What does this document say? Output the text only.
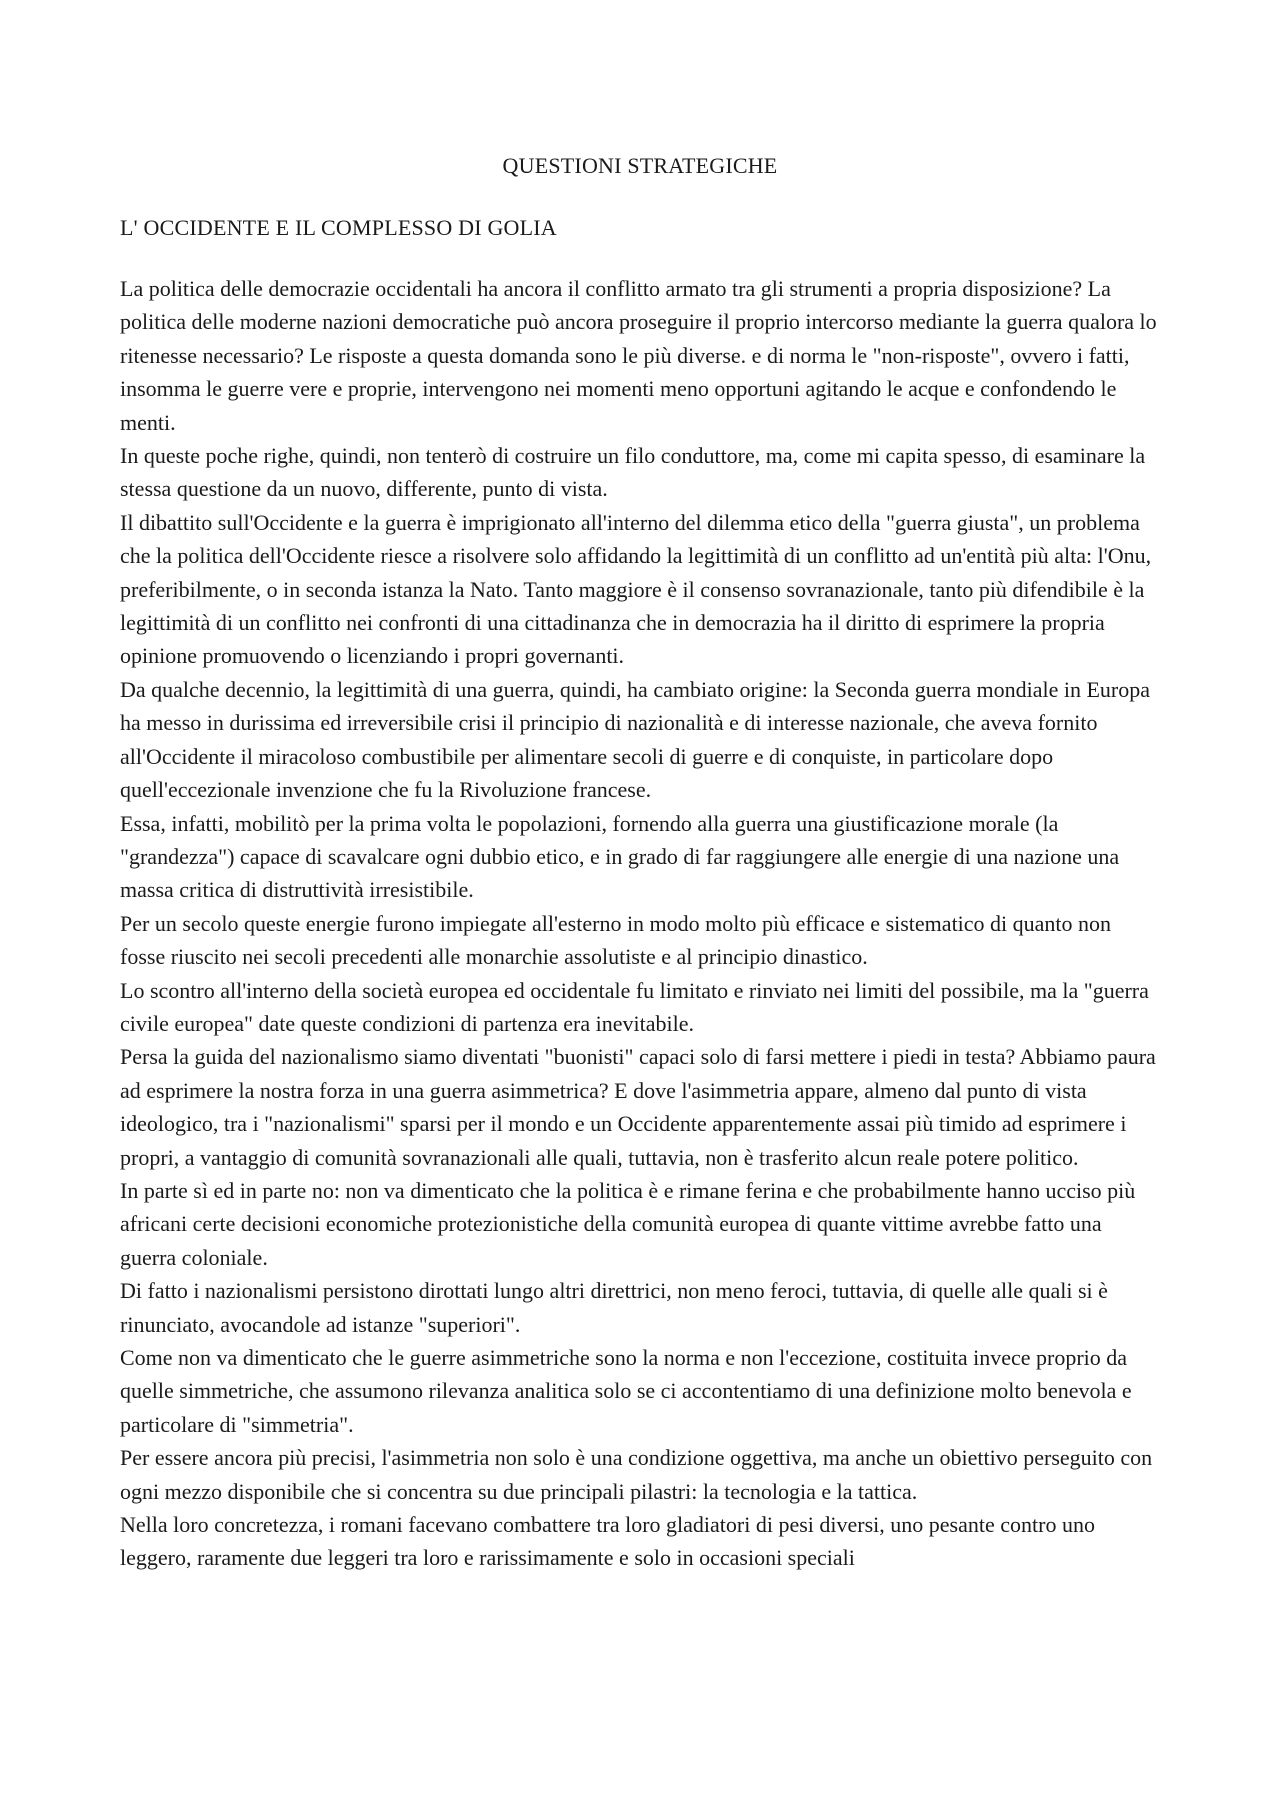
QUESTIONI STRATEGICHE
L' OCCIDENTE E IL COMPLESSO DI GOLIA

La politica delle democrazie occidentali ha ancora il conflitto armato tra gli strumenti a propria disposizione? La politica delle moderne nazioni democratiche può ancora proseguire il proprio intercorso mediante la guerra qualora lo ritenesse necessario? Le risposte a questa domanda sono le più diverse. e di norma le "non-risposte", ovvero i fatti, insomma le guerre vere e proprie, intervengono nei momenti meno opportuni agitando le acque e confondendo le menti.

In queste poche righe, quindi, non tenterò di costruire un filo conduttore, ma, come mi capita spesso, di esaminare la stessa questione da un nuovo, differente, punto di vista.

Il dibattito sull'Occidente e la guerra è imprigionato all'interno del dilemma etico della "guerra giusta", un problema che la politica dell'Occidente riesce a risolvere solo affidando la legittimità di un conflitto ad un'entità più alta: l'Onu, preferibilmente, o in seconda istanza la Nato. Tanto maggiore è il consenso sovranazionale, tanto più difendibile è la legittimità di un conflitto nei confronti di una cittadinanza che in democrazia ha il diritto di esprimere la propria opinione promuovendo o licenziando i propri governanti.

Da qualche decennio, la legittimità di una guerra, quindi, ha cambiato origine: la Seconda guerra mondiale in Europa ha messo in durissima ed irreversibile crisi il principio di nazionalità e di interesse nazionale, che aveva fornito all'Occidente il miracoloso combustibile per alimentare secoli di guerre e di conquiste, in particolare dopo quell'eccezionale invenzione che fu la Rivoluzione francese.

Essa, infatti, mobilitò per la prima volta le popolazioni, fornendo alla guerra una giustificazione morale (la "grandezza") capace di scavalcare ogni dubbio etico, e in grado di far raggiungere alle energie di una nazione una massa critica di distruttività irresistibile.

Per un secolo queste energie furono impiegate all'esterno in modo molto più efficace e sistematico di quanto non fosse riuscito nei secoli precedenti alle monarchie assolutiste e al principio dinastico.

Lo scontro all'interno della società europea ed occidentale fu limitato e rinviato nei limiti del possibile, ma la "guerra civile europea" date queste condizioni di partenza era inevitabile.

Persa la guida del nazionalismo siamo diventati "buonisti" capaci solo di farsi mettere i piedi in testa? Abbiamo paura ad esprimere la nostra forza in una guerra asimmetrica? E dove l'asimmetria appare, almeno dal punto di vista ideologico, tra i "nazionalismi" sparsi per il mondo e un Occidente apparentemente assai più timido ad esprimere i propri, a vantaggio di comunità sovranazionali alle quali, tuttavia, non è trasferito alcun reale potere politico.

In parte sì ed in parte no: non va dimenticato che la politica è e rimane ferina e che probabilmente hanno ucciso più africani certe decisioni economiche protezionistiche della comunità europea di quante vittime avrebbe fatto una guerra coloniale.

Di fatto i nazionalismi persistono dirottati lungo altri direttrici, non meno feroci, tuttavia, di quelle alle quali si è rinunciato, avocandole ad istanze "superiori".

Come non va dimenticato che le guerre asimmetriche sono la norma e non l'eccezione, costituita invece proprio da quelle simmetriche, che assumono rilevanza analitica solo se ci accontentiamo di una definizione molto benevola e particolare di "simmetria".

Per essere ancora più precisi, l'asimmetria non solo è una condizione oggettiva, ma anche un obiettivo perseguito con ogni mezzo disponibile che si concentra su due principali pilastri: la tecnologia e la tattica.

Nella loro concretezza, i romani facevano combattere tra loro gladiatori di pesi diversi, uno pesante contro uno leggero, raramente due leggeri tra loro e rarissimamente e solo in occasioni speciali
